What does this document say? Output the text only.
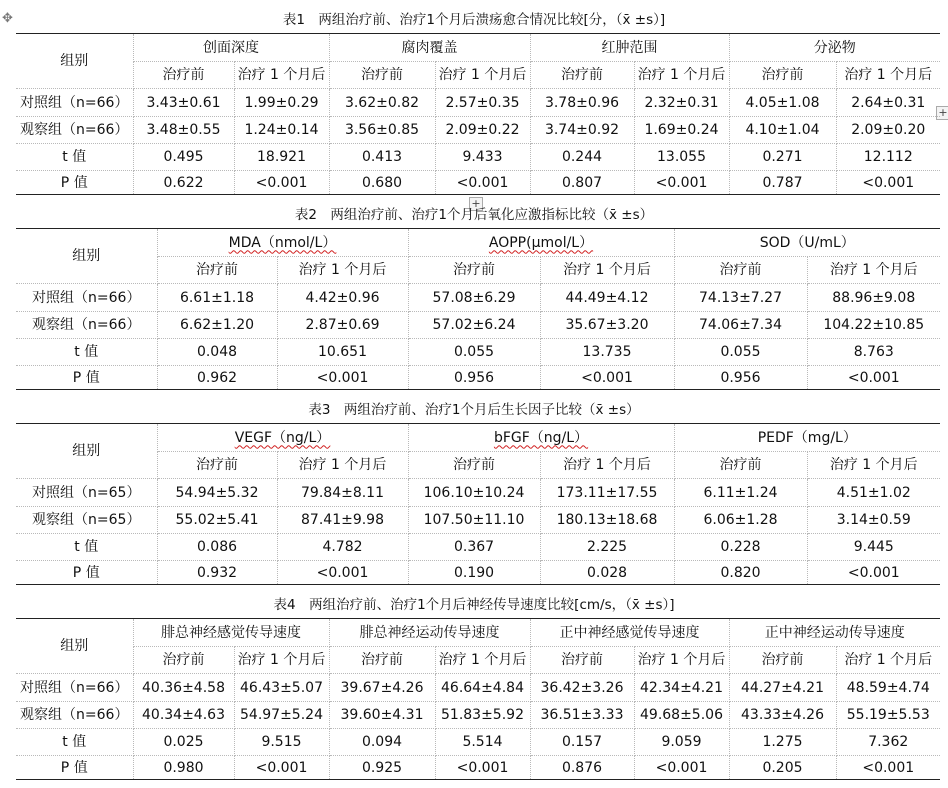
✥
+
+
表1　两组治疗前、治疗1个月后溃疡愈合情况比较[分，（x̄ ±s）]
组别	创面深度		腐肉覆盖		红肿范围		分泌物	
	治疗前	治疗 1 个月后	治疗前	治疗 1 个月后	治疗前	治疗 1 个月后	治疗前	治疗 1 个月后
对照组（n=66）	3.43±0.61	1.99±0.29	3.62±0.82	2.57±0.35	3.78±0.96	2.32±0.31	4.05±1.08	2.64±0.31
观察组（n=66）	3.48±0.55	1.24±0.14	3.56±0.85	2.09±0.22	3.74±0.92	1.69±0.24	4.10±1.04	2.09±0.20
t 值	0.495	18.921	0.413	9.433	0.244	13.055	0.271	12.112
P 值	0.622	<0.001	0.680	<0.001	0.807	<0.001	0.787	<0.001
表2　两组治疗前、治疗1个月后氧化应激指标比较（x̄ ±s）
组别	MDA（nmol/L）		AOPP(μmol/L）		SOD（U/mL）	
	治疗前	治疗 1 个月后	治疗前	治疗 1 个月后	治疗前	治疗 1 个月后
对照组（n=66）	6.61±1.18	4.42±0.96	57.08±6.29	44.49±4.12	74.13±7.27	88.96±9.08
观察组（n=66）	6.62±1.20	2.87±0.69	57.02±6.24	35.67±3.20	74.06±7.34	104.22±10.85
t 值	0.048	10.651	0.055	13.735	0.055	8.763
P 值	0.962	<0.001	0.956	<0.001	0.956	<0.001
表3　两组治疗前、治疗1个月后生长因子比较（x̄ ±s）
组别	VEGF（ng/L）		bFGF（ng/L）		PEDF（mg/L）	
	治疗前	治疗 1 个月后	治疗前	治疗 1 个月后	治疗前	治疗 1 个月后
对照组（n=65）	54.94±5.32	79.84±8.11	106.10±10.24	173.11±17.55	6.11±1.24	4.51±1.02
观察组（n=65）	55.02±5.41	87.41±9.98	107.50±11.10	180.13±18.68	6.06±1.28	3.14±0.59
t 值	0.086	4.782	0.367	2.225	0.228	9.445
P 值	0.932	<0.001	0.190	0.028	0.820	<0.001
表4　两组治疗前、治疗1个月后神经传导速度比较[cm/s，（x̄ ±s）]
组别	腓总神经感觉传导速度		腓总神经运动传导速度		正中神经感觉传导速度		正中神经运动传导速度	
	治疗前	治疗 1 个月后	治疗前	治疗 1 个月后	治疗前	治疗 1 个月后	治疗前	治疗 1 个月后
对照组（n=66）	40.36±4.58	46.43±5.07	39.67±4.26	46.64±4.84	36.42±3.26	42.34±4.21	44.27±4.21	48.59±4.74
观察组（n=66）	40.34±4.63	54.97±5.24	39.60±4.31	51.83±5.92	36.51±3.33	49.68±5.06	43.33±4.26	55.19±5.53
t 值	0.025	9.515	0.094	5.514	0.157	9.059	1.275	7.362
P 值	0.980	<0.001	0.925	<0.001	0.876	<0.001	0.205	<0.001
